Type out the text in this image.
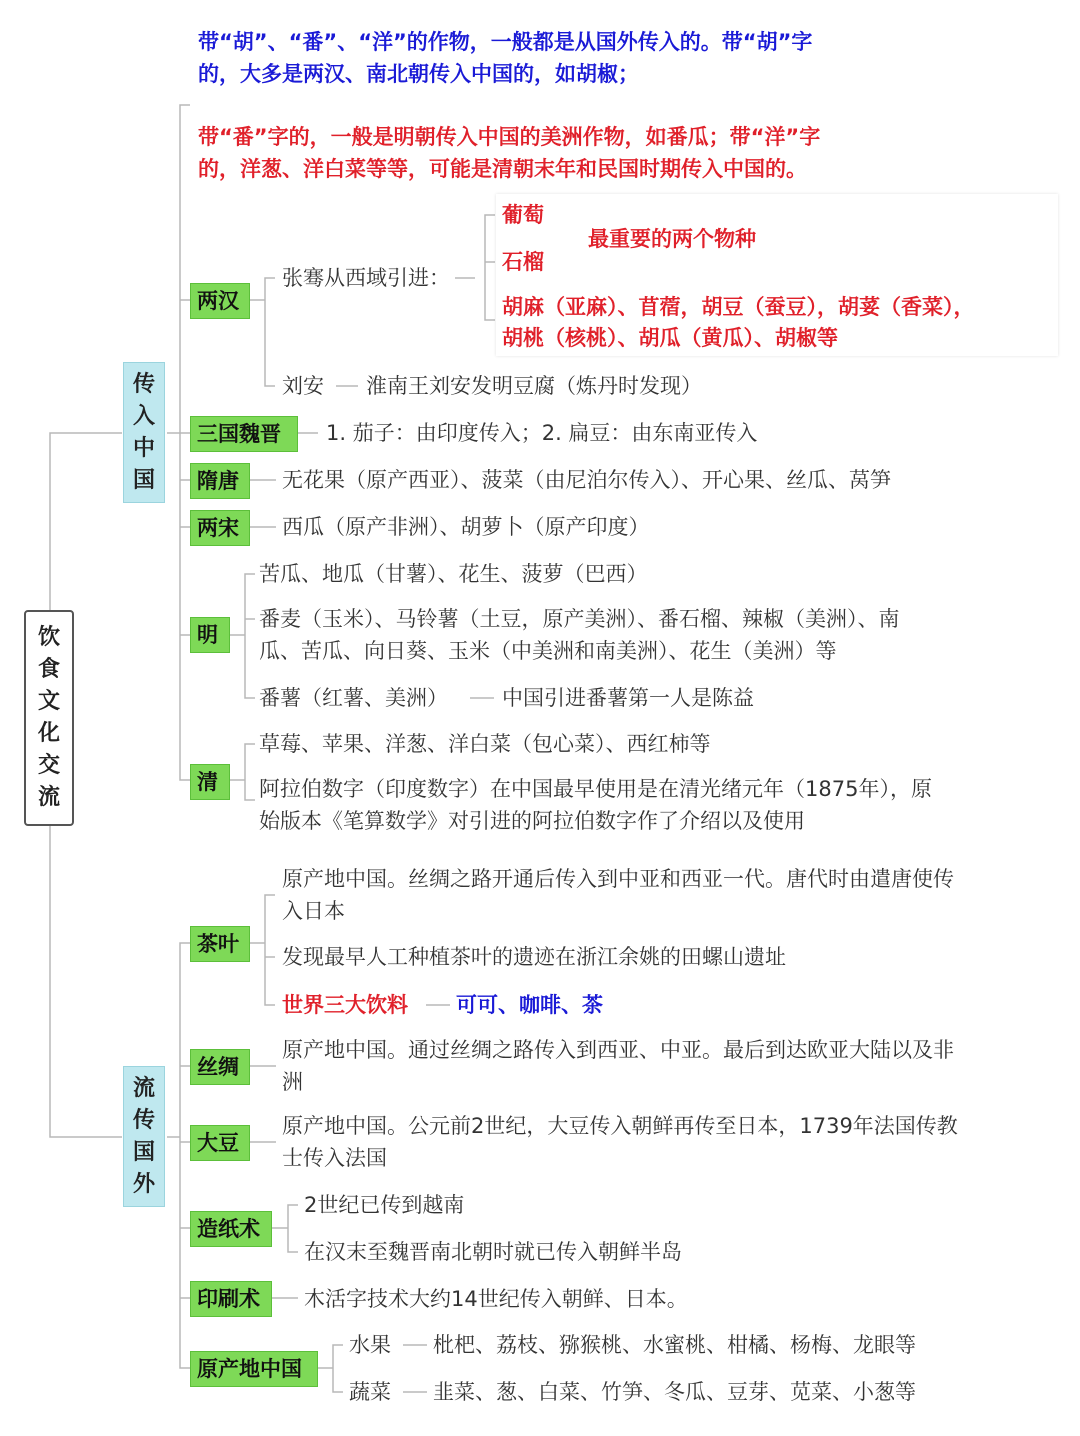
饮食文化交流
带“胡”、“番”、“洋”的作物，一般都是从国外传入的。带“胡”字
的，大多是两汉、南北朝传入中国的，如胡椒；
带“番”字的，一般是明朝传入中国的美洲作物，如番瓜；带“洋”字
的，洋葱、洋白菜等等，可能是清朝末年和民国时期传入中国的。
传入中国
两汉
张骞从西域引进：
葡萄
石榴
最重要的两个物种
胡麻（亚麻）、苜蓿，胡豆（蚕豆），胡荽（香菜），
胡桃（核桃）、胡瓜（黄瓜）、胡椒等
刘安 淮南王刘安发明豆腐（炼丹时发现）
三国魏晋	1. 茄子：由印度传入；2. 扁豆：由东南亚传入
隋唐	无花果（原产西亚）、菠菜（由尼泊尔传入）、开心果、丝瓜、莴笋
两宋	西瓜（原产非洲）、胡萝卜（原产印度）
明
苦瓜、地瓜（甘薯）、花生、菠萝（巴西）
番麦（玉米）、马铃薯（土豆，原产美洲）、番石榴、辣椒（美洲）、南
瓜、苦瓜、向日葵、玉米（中美洲和南美洲）、花生（美洲）等
番薯（红薯、美洲）	中国引进番薯第一人是陈益
清
草莓、苹果、洋葱、洋白菜（包心菜）、西红柿等
阿拉伯数字（印度数字）在中国最早使用是在清光绪元年（1875年），原
始版本《笔算数学》对引进的阿拉伯数字作了介绍以及使用
流传国外
茶叶
原产地中国。丝绸之路开通后传入到中亚和西亚一代。唐代时由遣唐使传
入日本
发现最早人工种植茶叶的遗迹在浙江余姚的田螺山遗址
世界三大饮料 可可、咖啡、茶
丝绸
原产地中国。通过丝绸之路传入到西亚、中亚。最后到达欧亚大陆以及非
洲
大豆
原产地中国。公元前2世纪，大豆传入朝鲜再传至日本，1739年法国传教
士传入法国
造纸术
2世纪已传到越南
在汉末至魏晋南北朝时就已传入朝鲜半岛
印刷术	木活字技术大约14世纪传入朝鲜、日本。
原产地中国
水果 枇杷、荔枝、猕猴桃、水蜜桃、柑橘、杨梅、龙眼等
蔬菜 韭菜、葱、白菜、竹笋、冬瓜、豆芽、苋菜、小葱等
